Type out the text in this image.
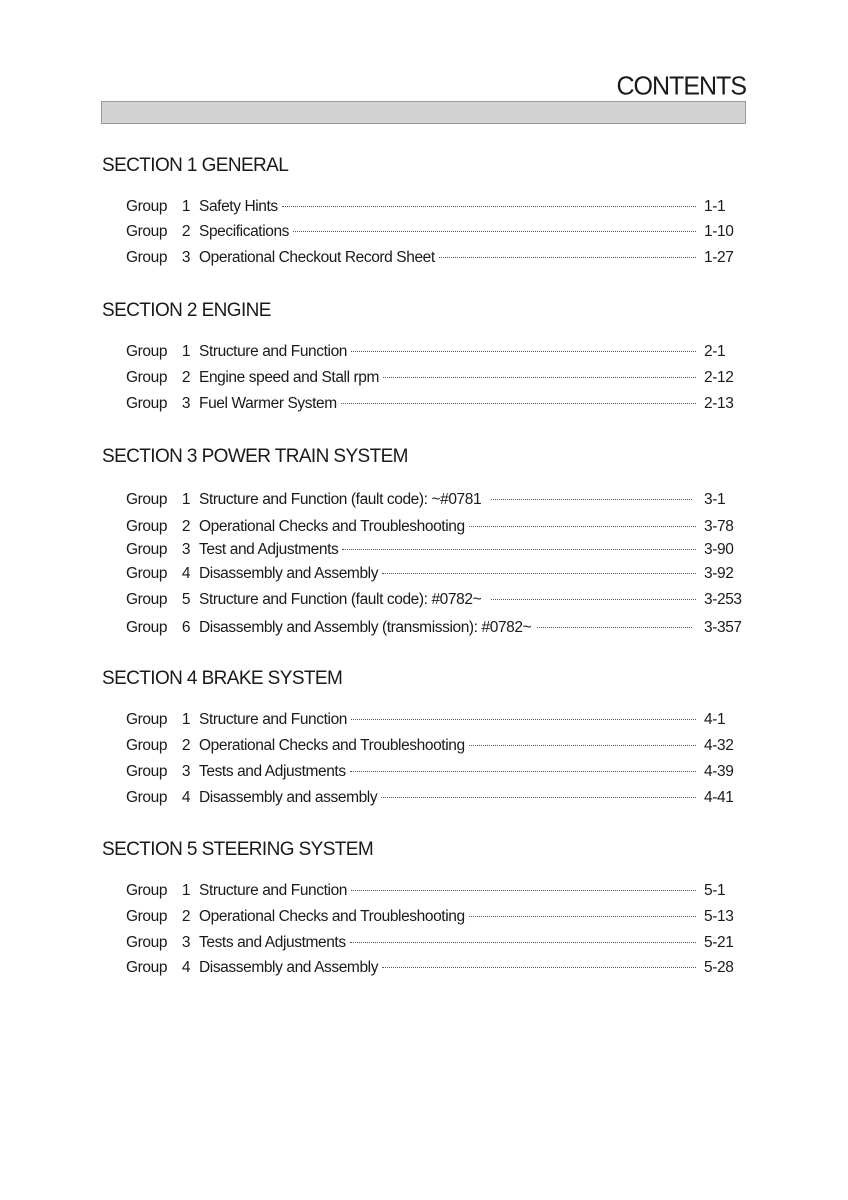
CONTENTS
SECTION 1 GENERAL
Group 1 Safety Hints	1-1
Group 2 Specifications	1-10
Group 3 Operational Checkout Record Sheet	1-27
SECTION 2 ENGINE
Group 1 Structure and Function	2-1
Group 2 Engine speed and Stall rpm	2-12
Group 3 Fuel Warmer System	2-13
SECTION 3 POWER TRAIN SYSTEM
Group 1 Structure and Function (fault code): ~#0781	3-1
Group 2 Operational Checks and Troubleshooting	3-78
Group 3 Test and Adjustments	3-90
Group 4 Disassembly and Assembly	3-92
Group 5 Structure and Function (fault code): #0782~	3-253
Group 6 Disassembly and Assembly (transmission): #0782~	3-357
SECTION 4 BRAKE SYSTEM
Group 1 Structure and Function	4-1
Group 2 Operational Checks and Troubleshooting	4-32
Group 3 Tests and Adjustments	4-39
Group 4 Disassembly and assembly	4-41
SECTION 5 STEERING SYSTEM
Group 1 Structure and Function	5-1
Group 2 Operational Checks and Troubleshooting	5-13
Group 3 Tests and Adjustments	5-21
Group 4 Disassembly and Assembly	5-28
